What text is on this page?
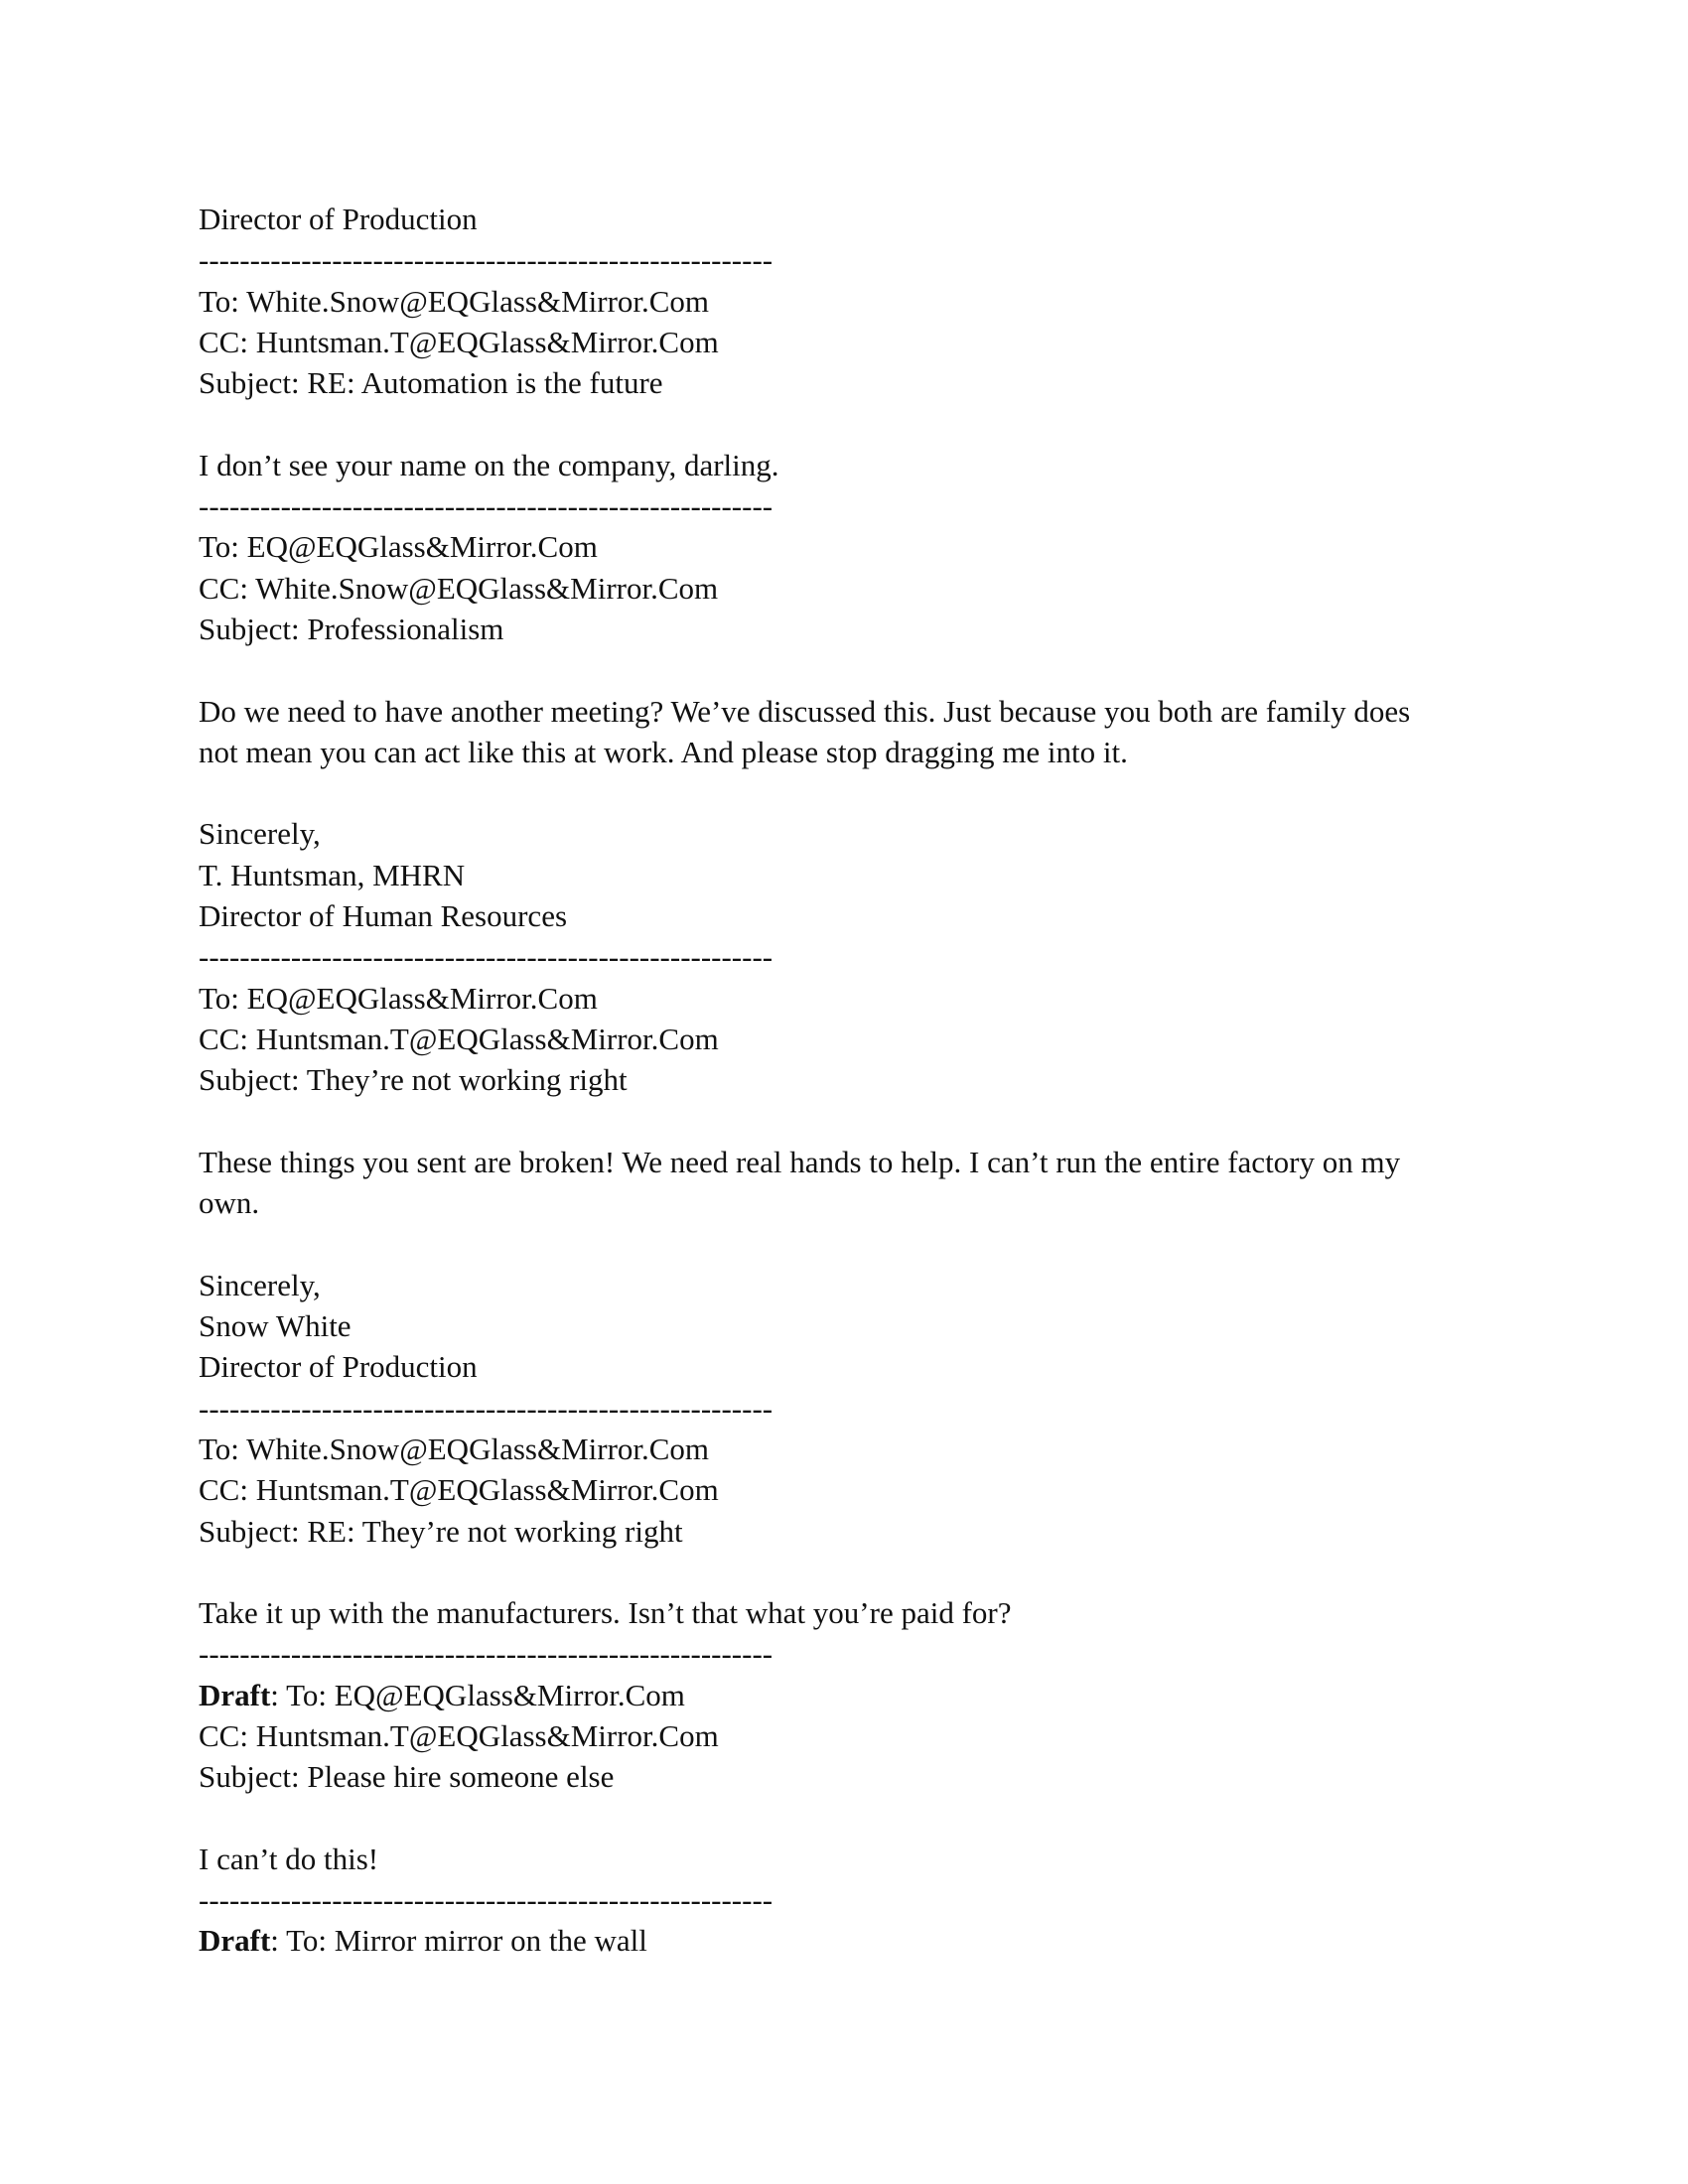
Director of Production
--------------------------------------------------------
To: White.Snow@EQGlass&Mirror.Com
CC: Huntsman.T@EQGlass&Mirror.Com
Subject: RE: Automation is the future
I don’t see your name on the company, darling.
--------------------------------------------------------
To: EQ@EQGlass&Mirror.Com
CC: White.Snow@EQGlass&Mirror.Com
Subject: Professionalism
Do we need to have another meeting? We’ve discussed this. Just because you both are family does not mean you can act like this at work. And please stop dragging me into it.
Sincerely,
T. Huntsman, MHRN
Director of Human Resources
--------------------------------------------------------
To: EQ@EQGlass&Mirror.Com
CC: Huntsman.T@EQGlass&Mirror.Com
Subject: They’re not working right
These things you sent are broken! We need real hands to help. I can’t run the entire factory on my own.
Sincerely,
Snow White
Director of Production
--------------------------------------------------------
To: White.Snow@EQGlass&Mirror.Com
CC: Huntsman.T@EQGlass&Mirror.Com
Subject: RE: They’re not working right
Take it up with the manufacturers. Isn’t that what you’re paid for?
--------------------------------------------------------
Draft: To: EQ@EQGlass&Mirror.Com
CC: Huntsman.T@EQGlass&Mirror.Com
Subject: Please hire someone else
I can’t do this!
--------------------------------------------------------
Draft: To: Mirror mirror on the wall
